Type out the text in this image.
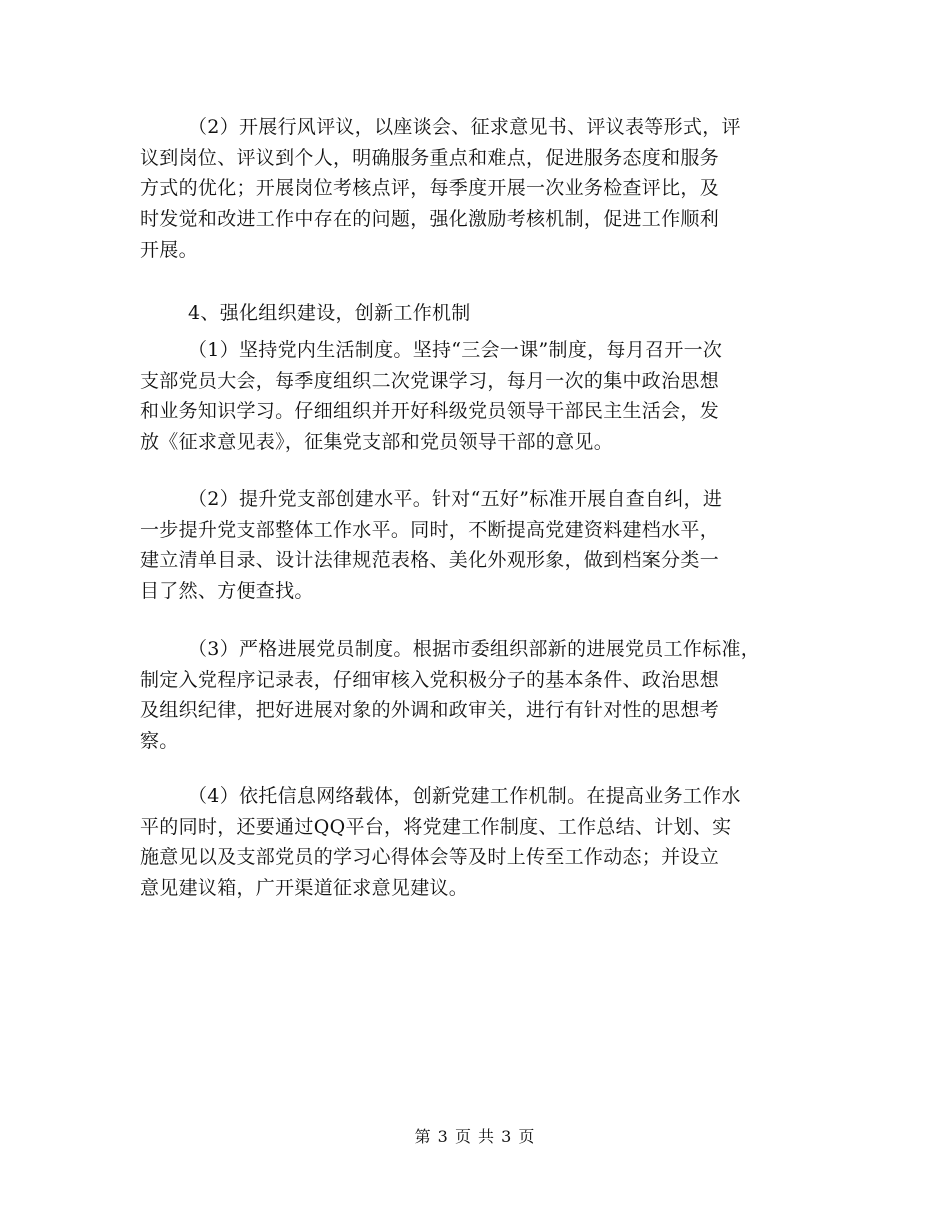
（2）开展行风评议，以座谈会、征求意见书、评议表等形式，评
议到岗位、评议到个人，明确服务重点和难点，促进服务态度和服务
方式的优化；开展岗位考核点评，每季度开展一次业务检查评比，及
时发觉和改进工作中存在的问题，强化激励考核机制，促进工作顺利
开展。
4、强化组织建设，创新工作机制
（1）坚持党内生活制度。坚持“三会一课”制度，每月召开一次
支部党员大会，每季度组织二次党课学习，每月一次的集中政治思想
和业务知识学习。仔细组织并开好科级党员领导干部民主生活会，发
放《征求意见表》，征集党支部和党员领导干部的意见。
（2）提升党支部创建水平。针对“五好”标准开展自查自纠，进
一步提升党支部整体工作水平。同时，不断提高党建资料建档水平，
建立清单目录、设计法律规范表格、美化外观形象，做到档案分类一
目了然、方便查找。
（3）严格进展党员制度。根据市委组织部新的进展党员工作标准，
制定入党程序记录表，仔细审核入党积极分子的基本条件、政治思想
及组织纪律，把好进展对象的外调和政审关，进行有针对性的思想考
察。
（4）依托信息网络载体，创新党建工作机制。在提高业务工作水
平的同时，还要通过QQ平台，将党建工作制度、工作总结、计划、实
施意见以及支部党员的学习心得体会等及时上传至工作动态；并设立
意见建议箱，广开渠道征求意见建议。
第 3 页 共 3 页
